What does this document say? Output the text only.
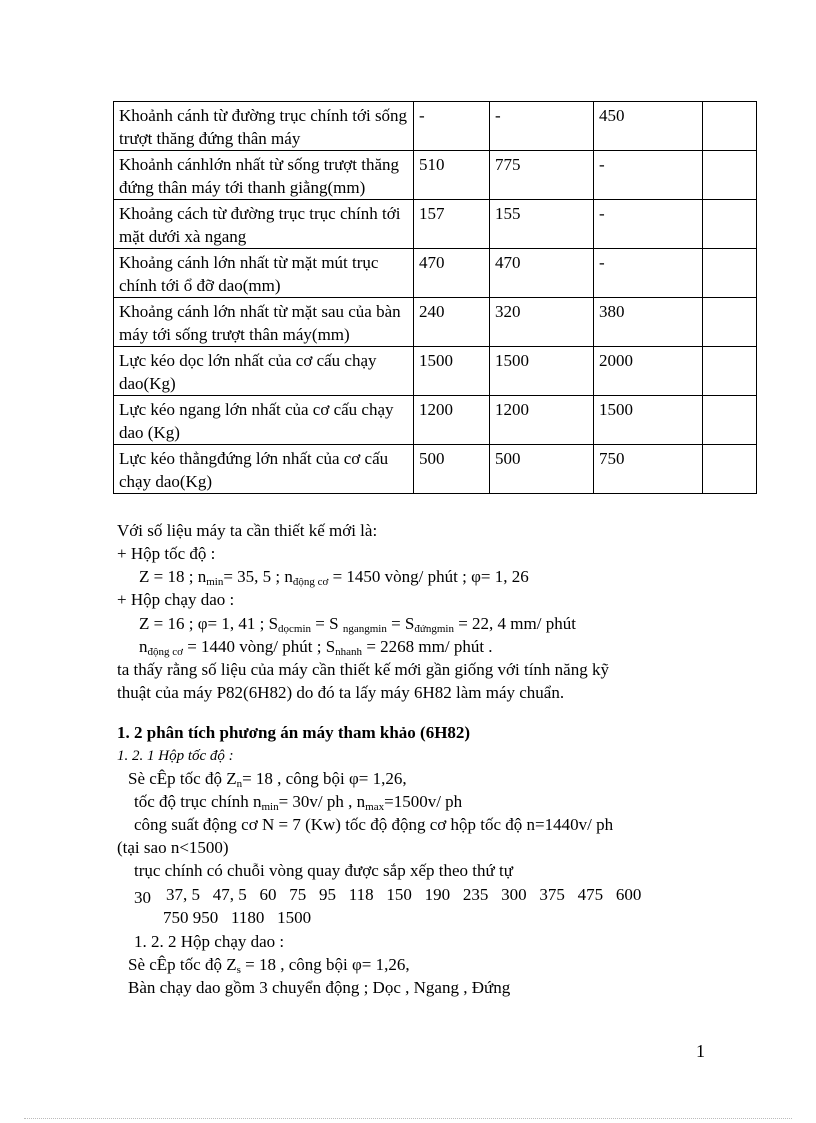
Khoảnh cánh từ đường trục chính tới sống trượt thăng đứng thân máy	-	-	450	
Khoảnh cánhlớn nhất từ sống trượt thăng đứng thân máy tới thanh giằng(mm)	510	775	-	
Khoảng cách từ đường trục trục chính tới mặt dưới xà ngang	157	155	-	
Khoảng cánh lớn nhất từ mặt mút trục chính tới ổ đỡ dao(mm)	470	470	-	
Khoảng cánh lớn nhất từ mặt sau của bàn máy tới sống trượt thân máy(mm)	240	320	380	
Lực kéo dọc lớn nhất của cơ cấu chạy dao(Kg)	1500	1500	2000	
Lực kéo ngang lớn nhất của cơ cấu chạy dao (Kg)	1200	1200	1500	
Lực kéo thẳngđứng lớn nhất của cơ cấu chạy dao(Kg)	500	500	750	
Với số liệu máy ta cần thiết kế mới là:
+ Hộp tốc độ :
Z = 18 ; $n_{min}= 35$, 5 ; $n_{động cơ} = 1450$ vòng/ phút ; φ= 1, 26
+ Hộp chạy dao :
Z = 16 ; φ= 1, 41 ; $S_{dọcmin} = S$ $_{ngangmin} = S_{đứngmin} = 22$, 4 mm/ phút
$n_{động cơ} = 1440$ vòng/ phút ; $S_{nhanh} = 2268$ mm/ phút .
ta thấy rằng số liệu của máy cần thiết kế mới gần giống với tính năng kỹ
thuật của máy P82(6H82) do đó ta lấy máy 6H82 làm máy chuẩn.
1. 2 phân tích phương án máy tham khảo (6H82)
1. 2. 1 Hộp tốc độ :
Sè cÊp tốc độ $Z_n= 18$ , công bội φ= 1,26,
tốc độ trục chính $n_{min}= 30v/$ ph , $n_{max}=1500v/$ ph
công suất động cơ N = 7 (Kw) tốc độ động cơ hộp tốc độ n=1440v/ ph
(tại sao n<1500)
trục chính có chuỗi vòng quay được sắp xếp theo thứ tự
30 37, 5   47, 5   60   75   95   118   150   190   235   300   375   475   600
750 950   1180   1500
1. 2. 2 Hộp chạy dao :
Sè cÊp tốc độ $Z_s = 18$ , công bội φ= 1,26,
Bàn chạy dao gồm 3 chuyển động ; Dọc , Ngang , Đứng
1
